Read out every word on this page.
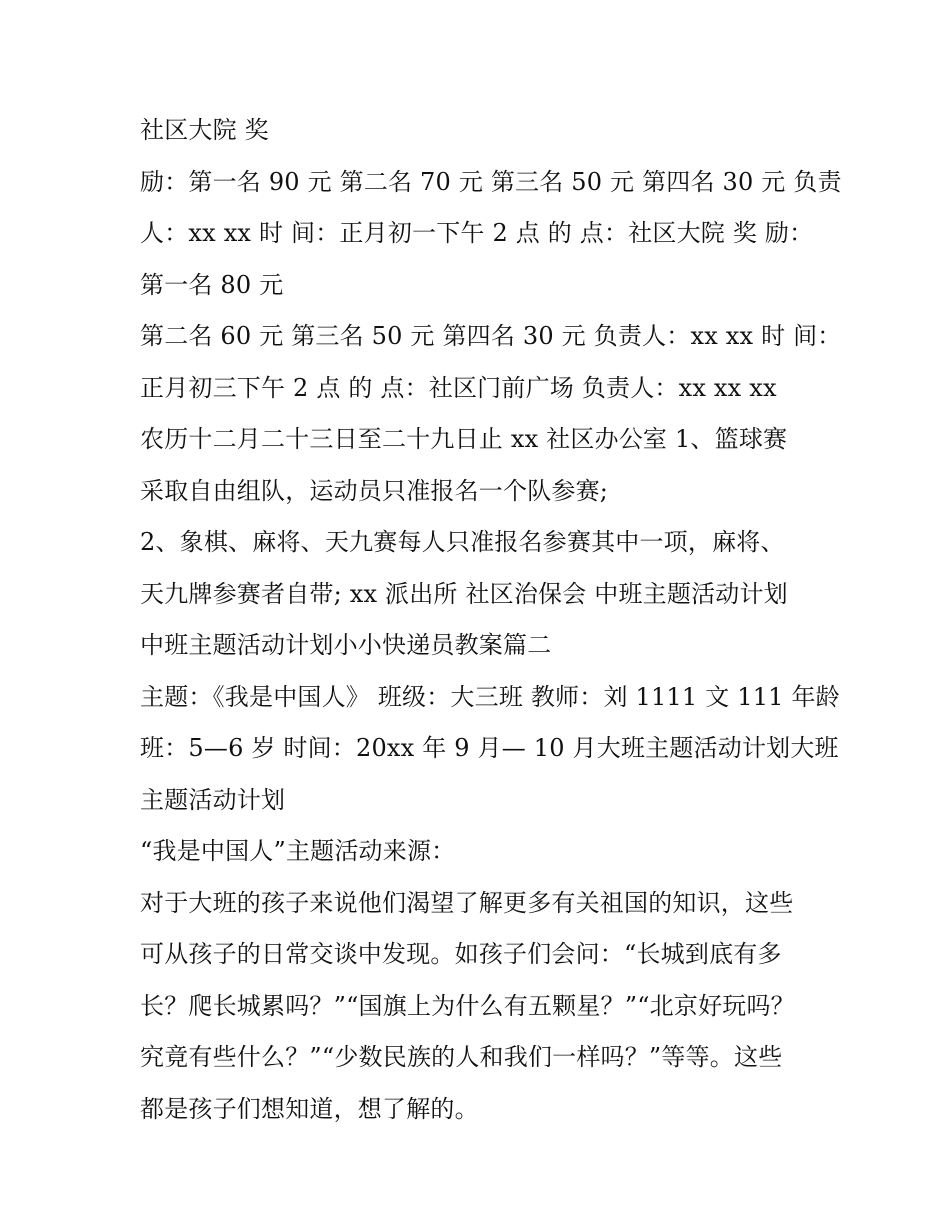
社区大院 奖
励：第一名 90 元 第二名 70 元 第三名 50 元 第四名 30 元 负责
人：xx xx 时 间：正月初一下午 2 点 的 点：社区大院 奖 励：
第一名 80 元
第二名 60 元 第三名 50 元 第四名 30 元 负责人：xx xx 时 间：
正月初三下午 2 点 的 点：社区门前广场 负责人：xx xx xx
农历十二月二十三日至二十九日止 xx 社区办公室 1、篮球赛
采取自由组队，运动员只准报名一个队参赛;
2、象棋、麻将、天九赛每人只准报名参赛其中一项，麻将、
天九牌参赛者自带; xx 派出所 社区治保会 中班主题活动计划
中班主题活动计划小小快递员教案篇二
主题：《我是中国人》 班级：大三班 教师：刘 1111 文 111 年龄
班：5—6 岁 时间：20xx 年 9 月— 10 月大班主题活动计划大班
主题活动计划
“我是中国人”主题活动来源：
对于大班的孩子来说他们渴望了解更多有关祖国的知识，这些
可从孩子的日常交谈中发现。如孩子们会问：“长城到底有多
长？爬长城累吗？”“国旗上为什么有五颗星？”“北京好玩吗？
究竟有些什么？”“少数民族的人和我们一样吗？”等等。这些
都是孩子们想知道，想了解的。
